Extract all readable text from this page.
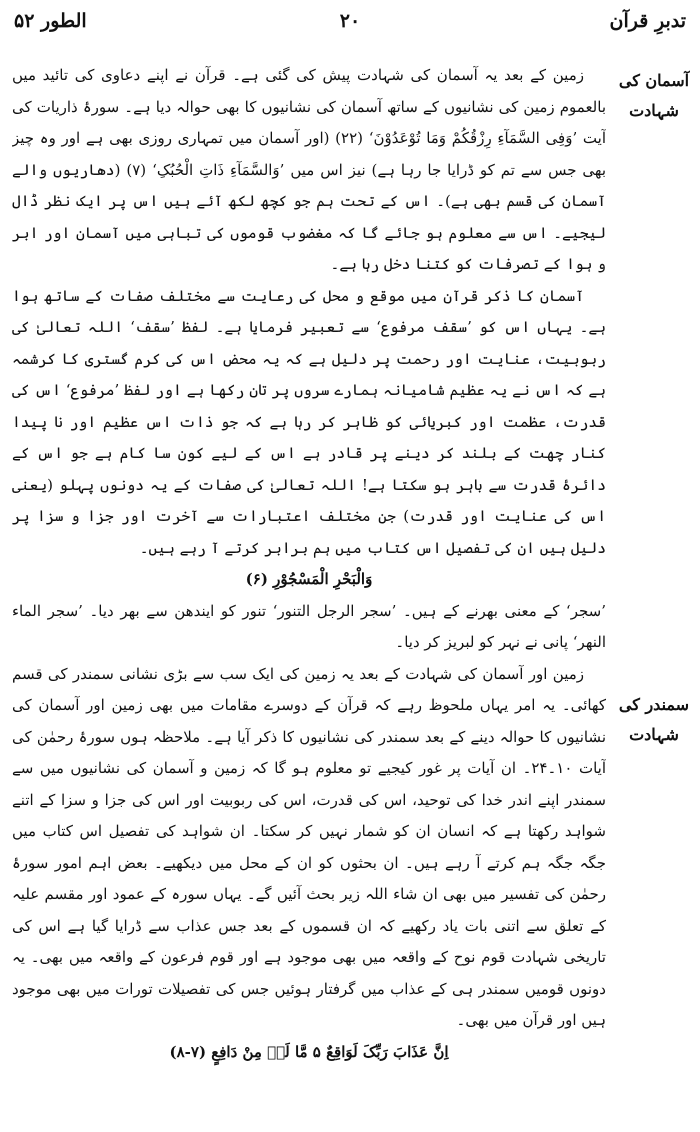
تدبرِ قرآن
۲۰
الطور ۵۲
آسمان کی شہادت
سمندر کی شہادت

زمین کے بعد یہ آسمان کی شہادت پیش کی گئی ہے۔ قرآن نے اپنے دعاوی کی تائید میں بالعموم زمین کی نشانیوں کے ساتھ آسمان کی نشانیوں کا بھی حوالہ دیا ہے۔ سورۂ ذاریات کی آیت ’وَفِی السَّمَآءِ رِزْقُکُمْ وَمَا تُوْعَدُوْنَ‘ (۲۲) (اور آسمان میں تمہاری روزی بھی ہے اور وہ چیز بھی جس سے تم کو ڈرایا جا رہا ہے) نیز اس میں ’وَالسَّمَآءِ ذَاتِ الْحُبُکِ‘ (۷) (دھاریوں والے آسمان کی قسم بھی ہے)۔ اس کے تحت ہم جو کچھ لکھ آئے ہیں اس پر ایک نظر ڈال لیجیے۔ اس سے معلوم ہو جائے گا کہ مغضوب قوموں کی تباہی میں آسمان اور ابر و ہوا کے تصرفات کو کتنا دخل رہا ہے۔

آسمان کا ذکر قرآن میں موقع و محل کی رعایت سے مختلف صفات کے ساتھ ہوا ہے۔ یہاں اس کو ’سقف مرفوع‘ سے تعبیر فرمایا ہے۔ لفظ ’سقف‘ اللہ تعالیٰ کی ربوبیت، عنایت اور رحمت پر دلیل ہے کہ یہ محض اس کی کرم گستری کا کرشمہ ہے کہ اس نے یہ عظیم شامیانہ ہمارے سروں پر تان رکھا ہے اور لفظ ’مرفوع‘ اس کی قدرت، عظمت اور کبریائی کو ظاہر کر رہا ہے کہ جو ذات اس عظیم اور نا پیدا کنار چھت کے بلند کر دینے پر قادر ہے اس کے لیے کون سا کام ہے جو اس کے دائرۂ قدرت سے باہر ہو سکتا ہے! اللہ تعالیٰ کی صفات کے یہ دونوں پہلو (یعنی اس کی عنایت اور قدرت) جن مختلف اعتبارات سے آخرت اور جزا و سزا پر دلیل ہیں ان کی تفصیل اس کتاب میں ہم برابر کرتے آ رہے ہیں۔

وَالْبَحْرِ الْمَسْجُوْرِ (۶)

’سجر‘ کے معنی بھرنے کے ہیں۔ ’سجر الرجل التنور‘ تنور کو ایندھن سے بھر دیا۔ ’سجر الماء النھر‘ پانی نے نہر کو لبریز کر دیا۔

زمین اور آسمان کی شہادت کے بعد یہ زمین کی ایک سب سے بڑی نشانی سمندر کی قسم کھائی۔ یہ امر یہاں ملحوظ رہے کہ قرآن کے دوسرے مقامات میں بھی زمین اور آسمان کی نشانیوں کا حوالہ دینے کے بعد سمندر کی نشانیوں کا ذکر آیا ہے۔ ملاحظہ ہوں سورۂ رحمٰن کی آیات ۱۰۔۲۴۔ ان آیات پر غور کیجیے تو معلوم ہو گا کہ زمین و آسمان کی نشانیوں میں سے سمندر اپنے اندر خدا کی توحید، اس کی قدرت، اس کی ربوبیت اور اس کی جزا و سزا کے اتنے شواہد رکھتا ہے کہ انسان ان کو شمار نہیں کر سکتا۔ ان شواہد کی تفصیل اس کتاب میں جگہ جگہ ہم کرتے آ رہے ہیں۔ ان بحثوں کو ان کے محل میں دیکھیے۔ بعض اہم امور سورۂ رحمٰن کی تفسیر میں بھی ان شاء اللہ زیر بحث آئیں گے۔ یہاں سورہ کے عمود اور مقسم علیہ کے تعلق سے اتنی بات یاد رکھیے کہ ان قسموں کے بعد جس عذاب سے ڈرایا گیا ہے اس کی تاریخی شہادت قوم نوح کے واقعہ میں بھی موجود ہے اور قوم فرعون کے واقعہ میں بھی۔ یہ دونوں قومیں سمندر ہی کے عذاب میں گرفتار ہوئیں جس کی تفصیلات تورات میں بھی موجود ہیں اور قرآن میں بھی۔

اِنَّ عَذَابَ رَبِّکَ لَوَاقِعٌ ۵ مَّا لَہٗ مِنْ دَافِعٍ (۷-۸)
